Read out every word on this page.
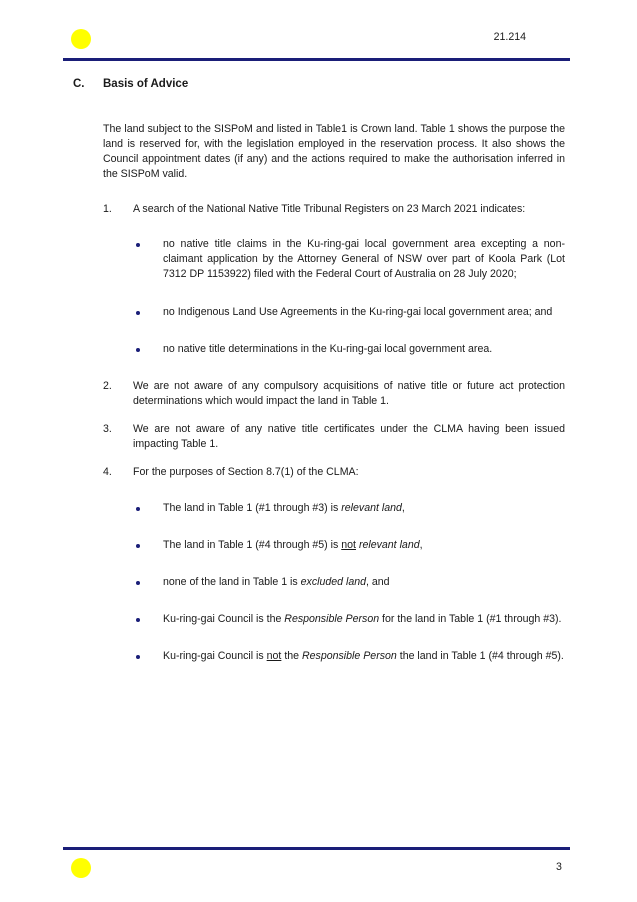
21.214
C. Basis of Advice

The land subject to the SISPoM and listed in Table1 is Crown land. Table 1 shows the purpose the land is reserved for, with the legislation employed in the reservation process. It also shows the Council appointment dates (if any) and the actions required to make the authorisation inferred in the SISPoM valid.

1. A search of the National Native Title Tribunal Registers on 23 March 2021 indicates:
no native title claims in the Ku-ring-gai local government area excepting a non-claimant application by the Attorney General of NSW over part of Koola Park (Lot 7312 DP 1153922) filed with the Federal Court of Australia on 28 July 2020;
no Indigenous Land Use Agreements in the Ku-ring-gai local government area; and
no native title determinations in the Ku-ring-gai local government area.
2. We are not aware of any compulsory acquisitions of native title or future act protection determinations which would impact the land in Table 1.
3. We are not aware of any native title certificates under the CLMA having been issued impacting Table 1.
4. For the purposes of Section 8.7(1) of the CLMA:
The land in Table 1 (#1 through #3) is relevant land,
The land in Table 1 (#4 through #5) is not relevant land,
none of the land in Table 1 is excluded land, and
Ku-ring-gai Council is the Responsible Person for the land in Table 1 (#1 through #3).
Ku-ring-gai Council is not the Responsible Person the land in Table 1 (#4 through #5).
3
